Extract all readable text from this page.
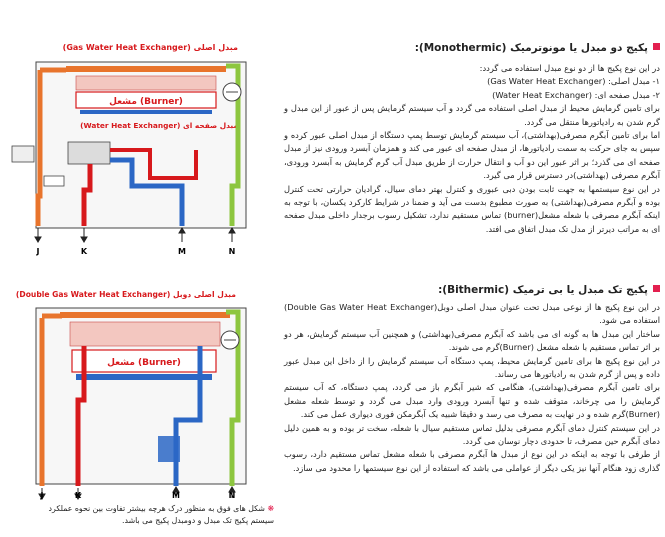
(Gas Water Heat Exchanger) مبدل اصلی
مشعل (Burner)
(Water Heat Exchanger) مبدل صفحه ای
J	K	M	N
(Double Gas Water Heat Exchanger) مبدل اصلی دوبل
مشعل (Burner)
J	K	M	N
❋ شکل های فوق به منظور درک هرچه بیشتر تفاوت بین نحوه عملکرد سیستم پکیج تک مبدل و دومبدل پکیج می باشد.
پکیج دو مبدل یا مونوترمیک (Monothermic):

در این نوع پکیج ها از دو نوع مبدل استفاده می گردد:

۱- مبدل اصلی: (Gas Water Heat Exchanger)

۲- مبدل صفحه ای: (Water Heat Exchanger)

برای تامین گرمایش محیط از مبدل اصلی استفاده می گردد و آب سیستم گرمایش پس از عبور از این مبدل و گرم شدن به رادیاتورها منتقل می گردد.

اما برای تامین آبگرم مصرفی(بهداشتی)، آب سیستم گرمایش توسط پمپ دستگاه از مبدل اصلی عبور کرده و سپس به جای حرکت به سمت رادیاتورها، از مبدل صفحه ای عبور می کند و همزمان آبسرد ورودی نیز از مبدل صفحه ای می گذرد؛ بر اثر عبور این دو آب و انتقال حرارت از طریق مبدل آب گرم گرمایش به آبسرد ورودی، آبگرم مصرفی (بهداشتی)در دسترس قرار می گیرد.

در این نوع سیستمها به جهت ثابت بودن دبی عبوری و کنترل بهتر دمای سیال، گرادیان حرارتی تحت کنترل بوده و آبگرم مصرفی(بهداشتی) به صورت مطبوع بدست می آید و ضمنا در شرایط کارکرد یکسان، با توجه به اینکه آبگرم مصرفی با شعله مشعل(burner) تماس مستقیم ندارد، تشکیل رسوب برجدار داخلی مبدل صفحه ای به مراتب دیرتر از مدل تک مبدل اتفاق می افتد.

پکیج تک مبدل یا بی ترمیک (Bithermic):

در این نوع پکیج ها از نوعی مبدل تحت عنوان مبدل اصلی دوبل(Double Gas Water Heat Exchanger) استفاده می شود.

ساختار این مبدل ها به گونه ای می باشد که آبگرم مصرفی(بهداشتی) و همچنین آب سیستم گرمایش، هر دو بر اثر تماس مستقیم با شعله مشعل (Burner)گرم می شوند.

در این نوع پکیج ها برای تامین گرمایش محیط، پمپ دستگاه آب سیستم گرمایش را از داخل این مبدل عبور داده و پس از گرم شدن به رادیاتورها می رساند.

برای تامین آبگرم مصرفی(بهداشتی)، هنگامی که شیر آبگرم باز می گردد، پمپ دستگاه، که آب سیستم گرمایش را می چرخاند، متوقف شده و تنها آبسرد ورودی وارد مبدل می گردد و توسط شعله مشعل (Burner)گرم شده و در نهایت به مصرف می رسد و دقیقا شبیه یک آبگرمکن فوری دیواری عمل می کند.

در این سیستم کنترل دمای آبگرم مصرفی بدلیل تماس مستقیم سیال با شعله، سخت تر بوده و به همین دلیل دمای آبگرم حین مصرف، تا حدودی دچار نوسان می گردد.

از طرفی با توجه به اینکه در این نوع از مبدل ها آبگرم مصرفی با شعله مشعل تماس مستقیم دارد، رسوب گذاری زود هنگام آنها نیز یکی دیگر از عواملی می باشد که استفاده از این نوع سیستمها را محدود می سازد.
